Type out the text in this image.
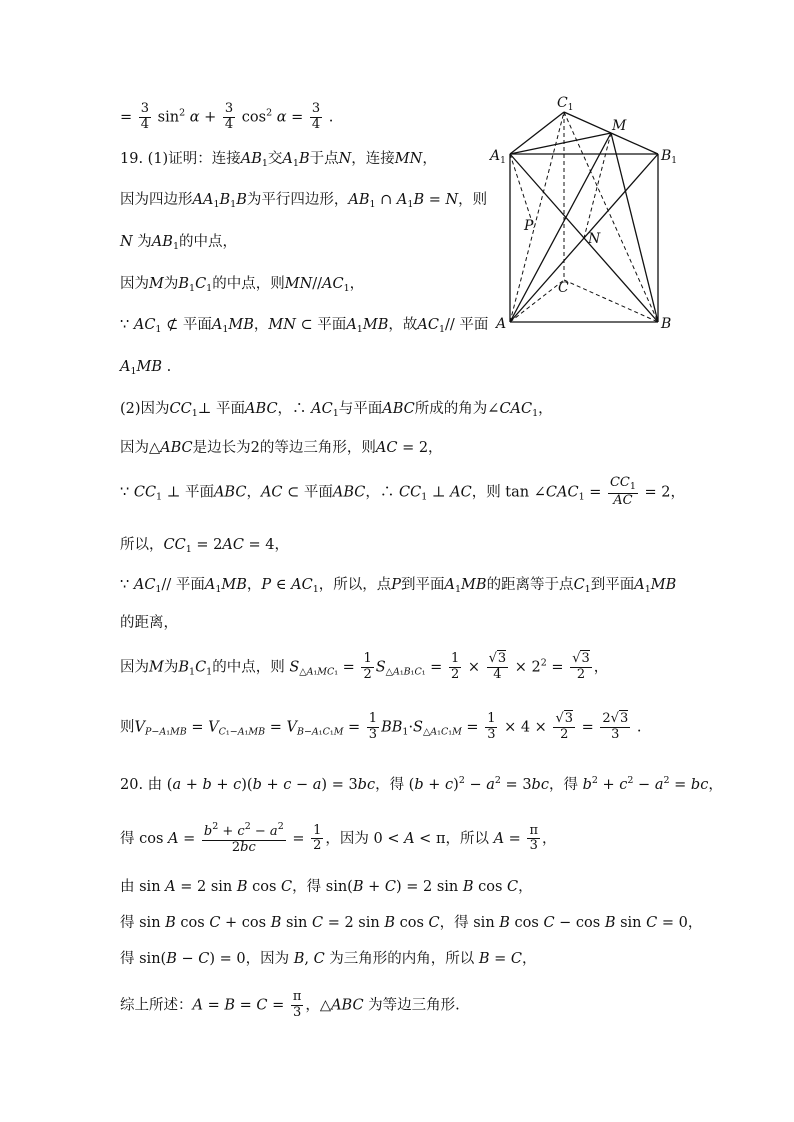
= $\frac{3}{4} \sin^2 \alpha + \frac{3}{4} \cos^2 \alpha = \frac{3}{4}$ .
19. (1)证明：连接$AB_1$交$A_1B$于点N，连接MN，
因为四边形$AA_1B_1B$为平行四边形，$AB_1$ ∩ $A_1B = N$，则
N 为$AB_1$的中点，
因为M为$B_1C_1$的中点，则$MN//AC_1$，
∵ $AC_1$ ⊄ 平面$A_1MB$，MN ⊂ 平面$A_1MB$，故$AC_1//$ 平面
$A_1MB$ .
(2)因为$CC_1\perp$ 平面ABC，∴ $AC_1$与平面ABC所成的角为$\angle CAC_1$，
因为△ABC是边长为2的等边三角形，则AC = 2，
∵ $CC_1$ ⊥ 平面ABC，AC ⊂ 平面ABC，∴ $CC_1$ ⊥ AC，则 $\tan \angle CAC_1 = \frac{CC_1}{AC} = 2$，
所以，$CC_1 = 2AC = 4$，
∵ $AC_1//$ 平面$A_1MB$，P ∈ $AC_1$，所以，点P到平面$A_1MB$的距离等于点$C_1$到平面$A_1MB$
的距离，
因为M为$B_1C_1$的中点，则 $S_{\triangle A_1MC_1} = \frac{1}{2} S_{\triangle A_1B_1C_1} = \frac{1}{2} \times \frac{√3}{4} \times 2^2 = \frac{√3}{2}$ ，
则$V_{P-A_1MB} = V_{C_1-A_1MB} = V_{B-A_1C_1M} = \frac{1}{3} BB_1\cdot S_{\triangle A_1C_1M} = \frac{1}{3} \times 4 \times \frac{√3}{2} = \frac{2√3}{3}$ .
20. 由 (a + b + c)(b + c − a) = 3bc，得 $(b + c)^2 - a^2 = 3bc$，得 $b^2 + c^2 - a^2$ = bc，
得 $\cos A = \frac{b^2 + c^2 - a^2}{2bc} = \frac{1}{2}$ ，因为 0 < A < π，所以 $A = \frac{\pi}{3}$ ，
由 sin A = 2 sin B cos C，得 sin(B + C) = 2 sin B cos C，
得 sin B cos C + cos B sin C = 2 sin B cos C，得 sin B cos C − cos B sin C = 0，
得 sin(B − C) = 0，因为 B, C 为三角形的内角，所以 B = C，
综上所述：$A = B = C = \frac{\pi}{3}$ ，△ABC 为等边三角形.
$C_1$
M
$A_1$	$B_1$
P
N
C
A	B
